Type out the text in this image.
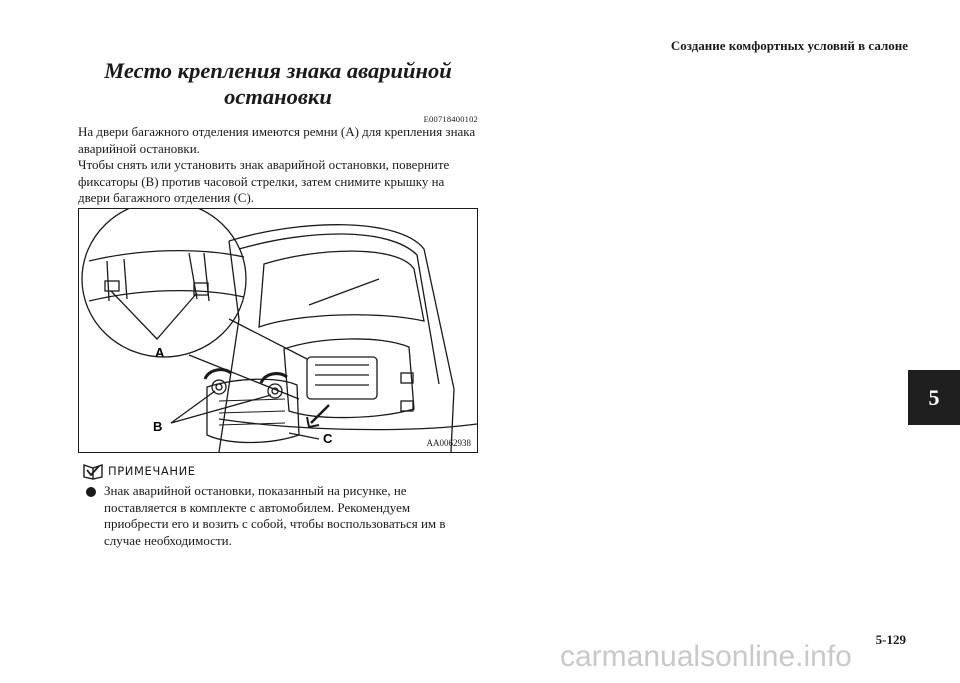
Создание комфортных условий в салоне
Место крепления знака аварийной
остановки
E00718400102

На двери багажного отделения имеются ремни (A) для крепления знака аварийной остановки.

Чтобы снять или установить знак аварийной остановки, поверните фиксаторы (B) против часовой стрелки, затем снимите крышку на двери багажного отделения (C).

A
B
C	AA0062938
ПРИМЕЧАНИЕ
Знак аварийной остановки, показанный на рисунке, не поставляется в комплекте с автомобилем. Рекомендуем приобрести его и возить с собой, чтобы воспользоваться им в случае необходимости.
5
5-129
carmanualsonline.info
